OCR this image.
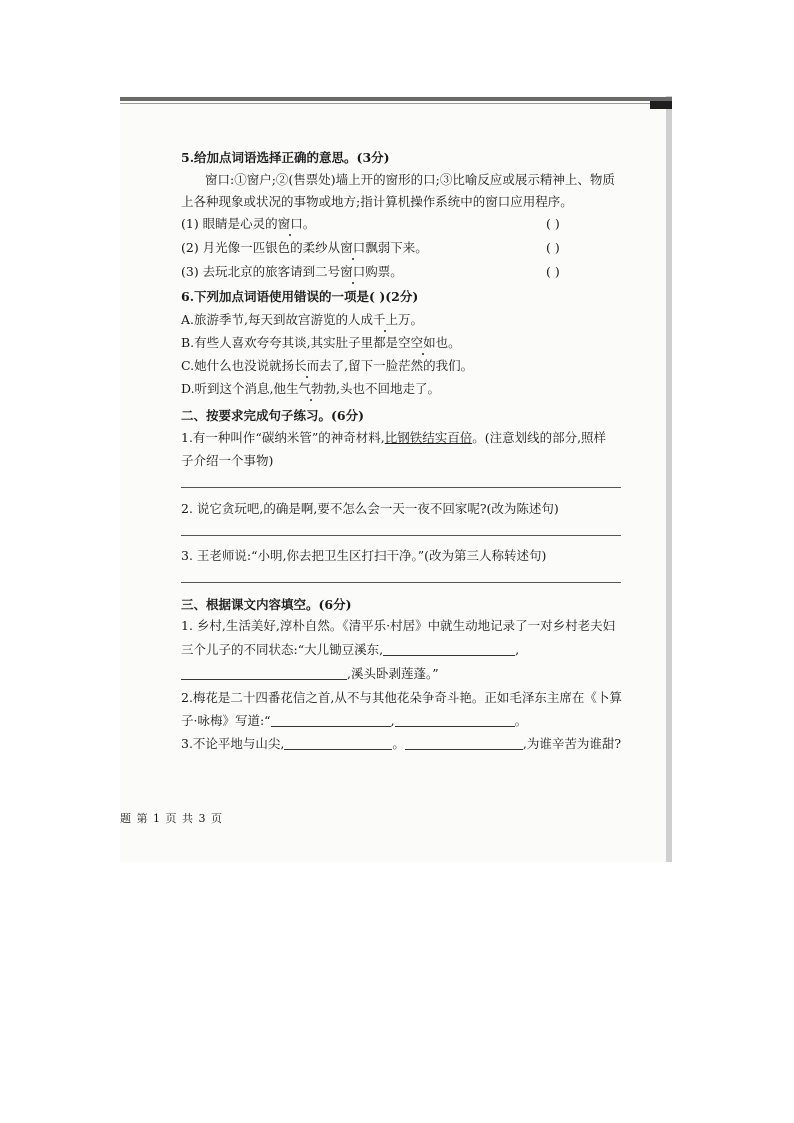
5.给加点词语选择正确的意思。(3分)
窗口:①窗户;②(售票处)墙上开的窗形的口;③比喻反应或展示精神上、物质
上各种现象或状况的事物或地方;指计算机操作系统中的窗口应用程序。
(1) 眼睛是心灵的窗口。	( )
(2) 月光像一匹银色的柔纱从窗口飘弱下来。	( )
(3) 去玩北京的旅客请到二号窗口购票。	( )
6.下列加点词语使用错误的一项是( )(2分)
A.旅游季节,每天到故宫游览的人成千上万。
B.有些人喜欢夸夸其谈,其实肚子里都是空空如也。
C.她什么也没说就扬长而去了,留下一脸茫然的我们。
D.听到这个消息,他生气勃勃,头也不回地走了。
二、按要求完成句子练习。(6分)
1.有一种叫作“碳纳米管”的神奇材料,比钢铁结实百倍。(注意划线的部分,照样
子介绍一个事物)
2. 说它贪玩吧,的确是啊,要不怎么会一天一夜不回家呢?(改为陈述句)
3. 王老师说:“小明,你去把卫生区打扫干净。”(改为第三人称转述句)
三、根据课文内容填空。(6分)
1. 乡村,生活美好,淳朴自然。《清平乐·村居》中就生动地记录了一对乡村老夫妇
三个儿子的不同状态:“大儿锄豆溪东,	,
,溪头卧剥莲蓬。”
2.梅花是二十四番花信之首,从不与其他花朵争奇斗艳。正如毛泽东主席在《卜算
子·咏梅》写道:“	,	。
3.不论平地与山尖,	。	,为谁辛苦为谁甜?
题 第 1 页 共 3 页
